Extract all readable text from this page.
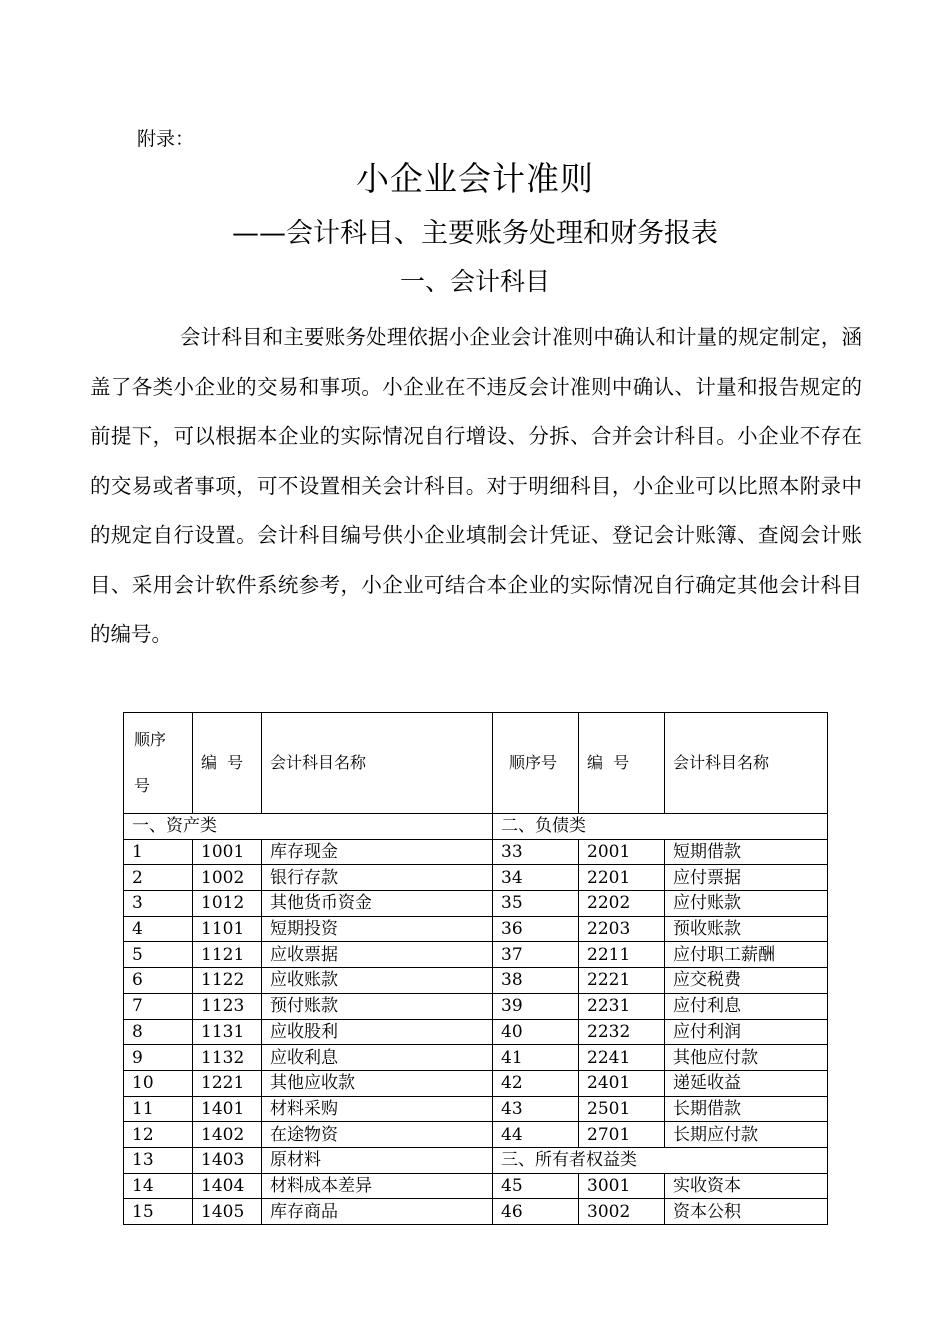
附录：
小企业会计准则
——会计科目、主要账务处理和财务报表
一、会计科目

会计科目和主要账务处理依据小企业会计准则中确认和计量的规定制定，涵盖了各类小企业的交易和事项。小企业在不违反会计准则中确认、计量和报告规定的前提下，可以根据本企业的实际情况自行增设、分拆、合并会计科目。小企业不存在的交易或者事项，可不设置相关会计科目。对于明细科目，小企业可以比照本附录中的规定自行设置。会计科目编号供小企业填制会计凭证、登记会计账簿、查阅会计账目、采用会计软件系统参考，小企业可结合本企业的实际情况自行确定其他会计科目的编号。

顺序
号	编  号	会计科目名称	顺序号	编  号	会计科目名称
一、资产类			二、负债类		
1	1001	库存现金	33	2001	短期借款
2	1002	银行存款	34	2201	应付票据
3	1012	其他货币资金	35	2202	应付账款
4	1101	短期投资	36	2203	预收账款
5	1121	应收票据	37	2211	应付职工薪酬
6	1122	应收账款	38	2221	应交税费
7	1123	预付账款	39	2231	应付利息
8	1131	应收股利	40	2232	应付利润
9	1132	应收利息	41	2241	其他应付款
10	1221	其他应收款	42	2401	递延收益
11	1401	材料采购	43	2501	长期借款
12	1402	在途物资	44	2701	长期应付款
13	1403	原材料	三、所有者权益类		
14	1404	材料成本差异	45	3001	实收资本
15	1405	库存商品	46	3002	资本公积
